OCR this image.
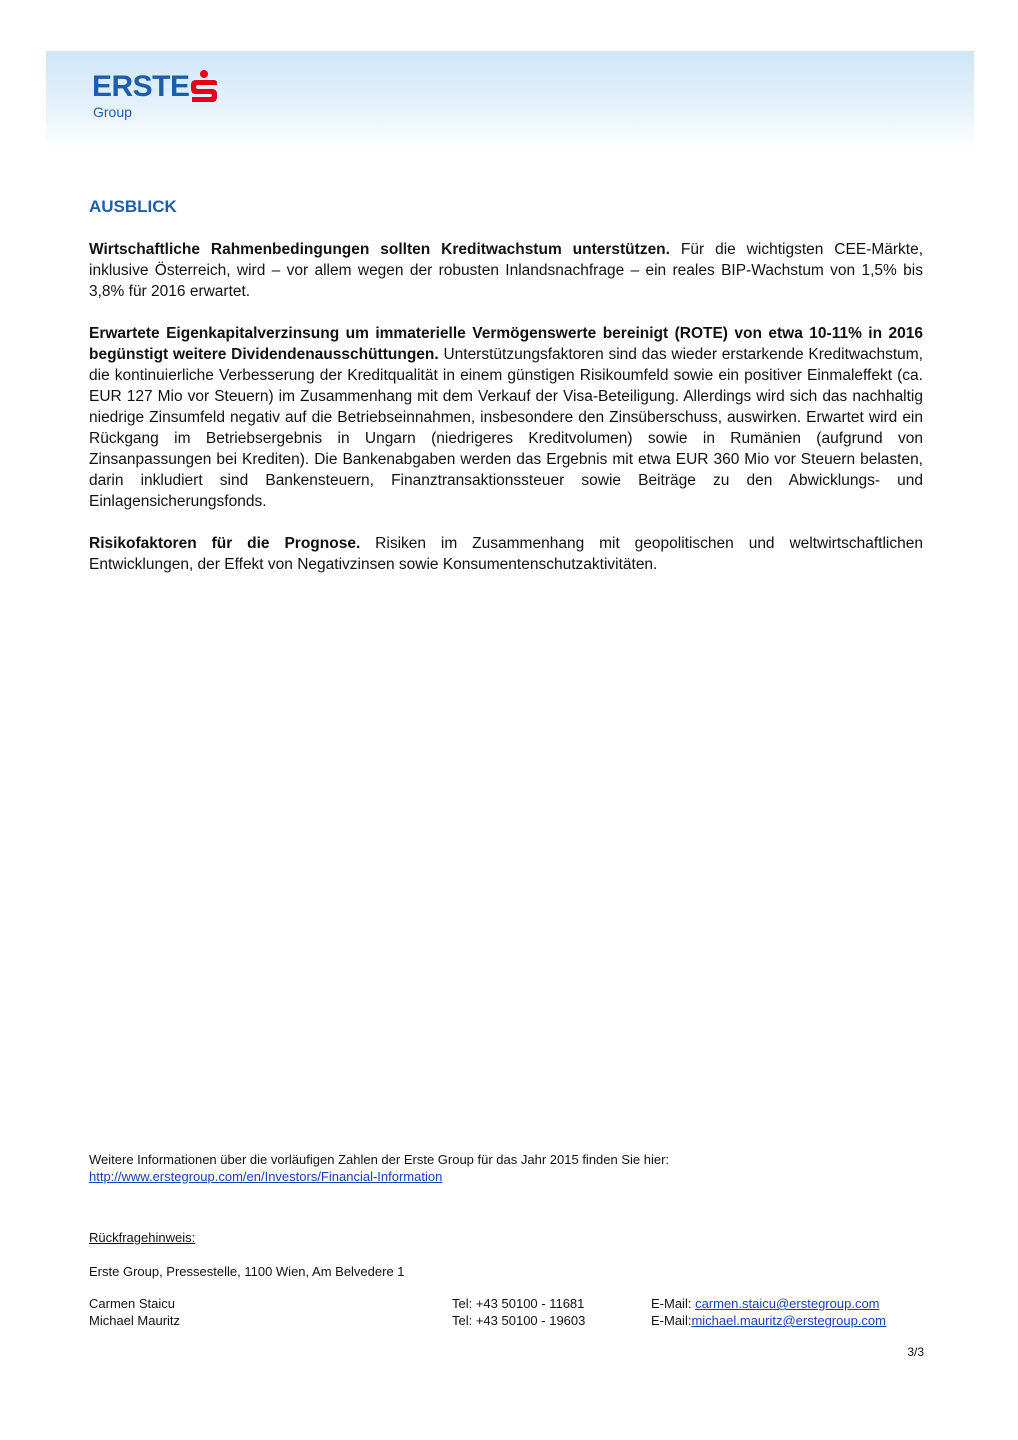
ERSTE
Group
AUSBLICK

Wirtschaftliche Rahmenbedingungen sollten Kreditwachstum unterstützen. Für die wichtigsten CEE-Märkte, inklusive Österreich, wird – vor allem wegen der robusten Inlandsnachfrage – ein reales BIP-Wachstum von 1,5% bis 3,8% für 2016 erwartet.

Erwartete Eigenkapitalverzinsung um immaterielle Vermögenswerte bereinigt (ROTE) von etwa 10-11% in 2016 begünstigt weitere Dividendenausschüttungen. Unterstützungsfaktoren sind das wieder erstarkende Kreditwachstum, die kontinuierliche Verbesserung der Kreditqualität in einem günstigen Risikoumfeld sowie ein positiver Einmaleffekt (ca. EUR 127 Mio vor Steuern) im Zusammenhang mit dem Verkauf der Visa-Beteiligung. Allerdings wird sich das nachhaltig niedrige Zinsumfeld negativ auf die Betriebseinnahmen, insbesondere den Zinsüberschuss, auswirken. Erwartet wird ein Rückgang im Betriebsergebnis in Ungarn (niedrigeres Kreditvolumen) sowie in Rumänien (aufgrund von Zinsanpassungen bei Krediten). Die Bankenabgaben werden das Ergebnis mit etwa EUR 360 Mio vor Steuern belasten, darin inkludiert sind Bankensteuern, Finanztransaktionssteuer sowie Beiträge zu den Abwicklungs- und Einlagensicherungsfonds.

Risikofaktoren für die Prognose. Risiken im Zusammenhang mit geopolitischen und weltwirtschaftlichen Entwicklungen, der Effekt von Negativzinsen sowie Konsumentenschutzaktivitäten.

Weitere Informationen über die vorläufigen Zahlen der Erste Group für das Jahr 2015 finden Sie hier:
http://www.erstegroup.com/en/Investors/Financial-Information
Rückfragehinweis:
Erste Group, Pressestelle, 1100 Wien, Am Belvedere 1
Carmen Staicu	Tel: +43 50100 - 11681	E-Mail: carmen.staicu@erstegroup.com
Michael Mauritz	Tel: +43 50100 - 19603	E-Mail:michael.mauritz@erstegroup.com
3/3
